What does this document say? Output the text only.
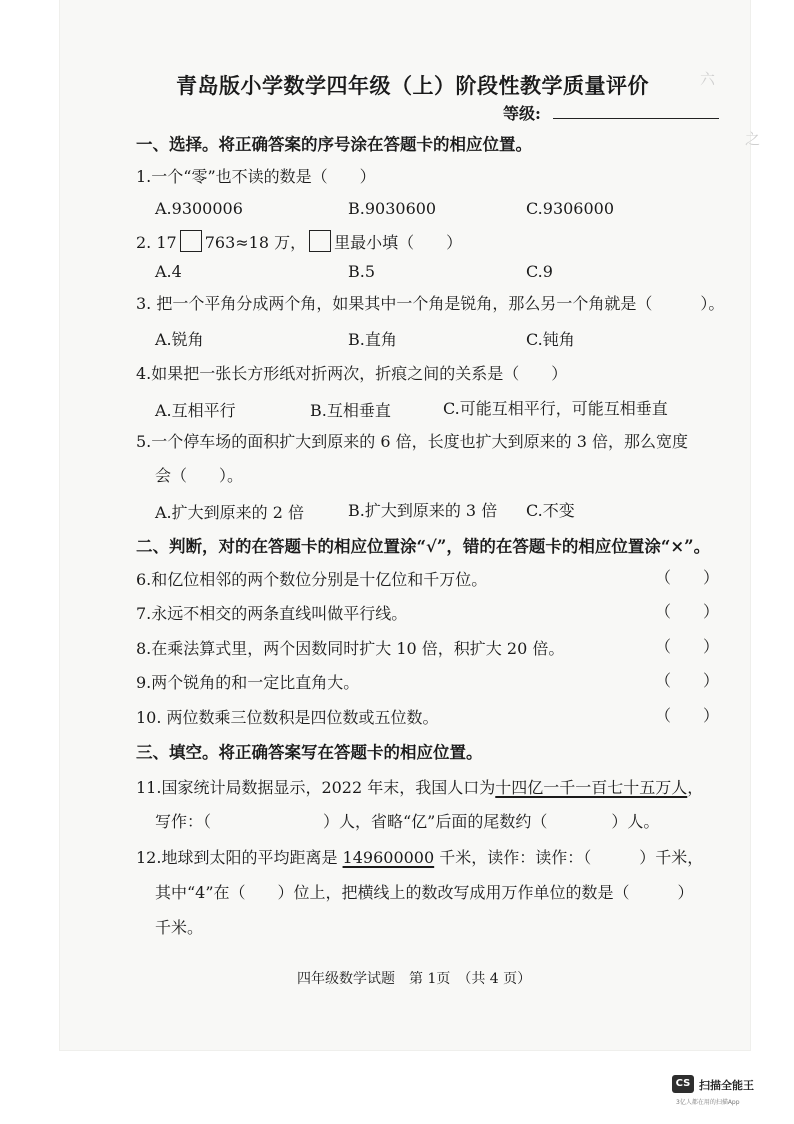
六
之
青岛版小学数学四年级（上）阶段性教学质量评价
等级:
一、选择。将正确答案的序号涂在答题卡的相应位置。
1.一个“零”也不读的数是（　　）
A.9300006	B.9030600	C.9306000
2. 17 763≈18 万， 里最小填（　　）
A.4	B.5	C.9
3. 把一个平角分成两个角，如果其中一个角是锐角，那么另一个角就是（　　　）。
A.锐角	B.直角	C.钝角
4.如果把一张长方形纸对折两次，折痕之间的关系是（　　）
A.互相平行	B.互相垂直	C.可能互相平行，可能互相垂直
5.一个停车场的面积扩大到原来的 6 倍，长度也扩大到原来的 3 倍，那么宽度
会（　　）。
A.扩大到原来的 2 倍	B.扩大到原来的 3 倍 C.不变
二、判断，对的在答题卡的相应位置涂“√”，错的在答题卡的相应位置涂“×”。
6.和亿位相邻的两个数位分别是十亿位和千万位。	（　　）
7.永远不相交的两条直线叫做平行线。	（　　）
8.在乘法算式里，两个因数同时扩大 10 倍，积扩大 20 倍。	（　　）
9.两个锐角的和一定比直角大。	（　　）
10. 两位数乘三位数积是四位数或五位数。	（　　）
三、填空。将正确答案写在答题卡的相应位置。
11.国家统计局数据显示，2022 年末，我国人口为十四亿一千一百七十五万人，
写作：（　　　　　　　）人，省略“亿”后面的尾数约（　　　　）人。
12.地球到太阳的平均距离是 149600000 千米，读作：读作：（　　　）千米，
其中“4”在（　　）位上，把横线上的数改写成用万作单位的数是（　　　）
千米。
四年级数学试题　第 1页　（共 4 页）
CS 扫描全能王
3亿人都在用的扫描App
